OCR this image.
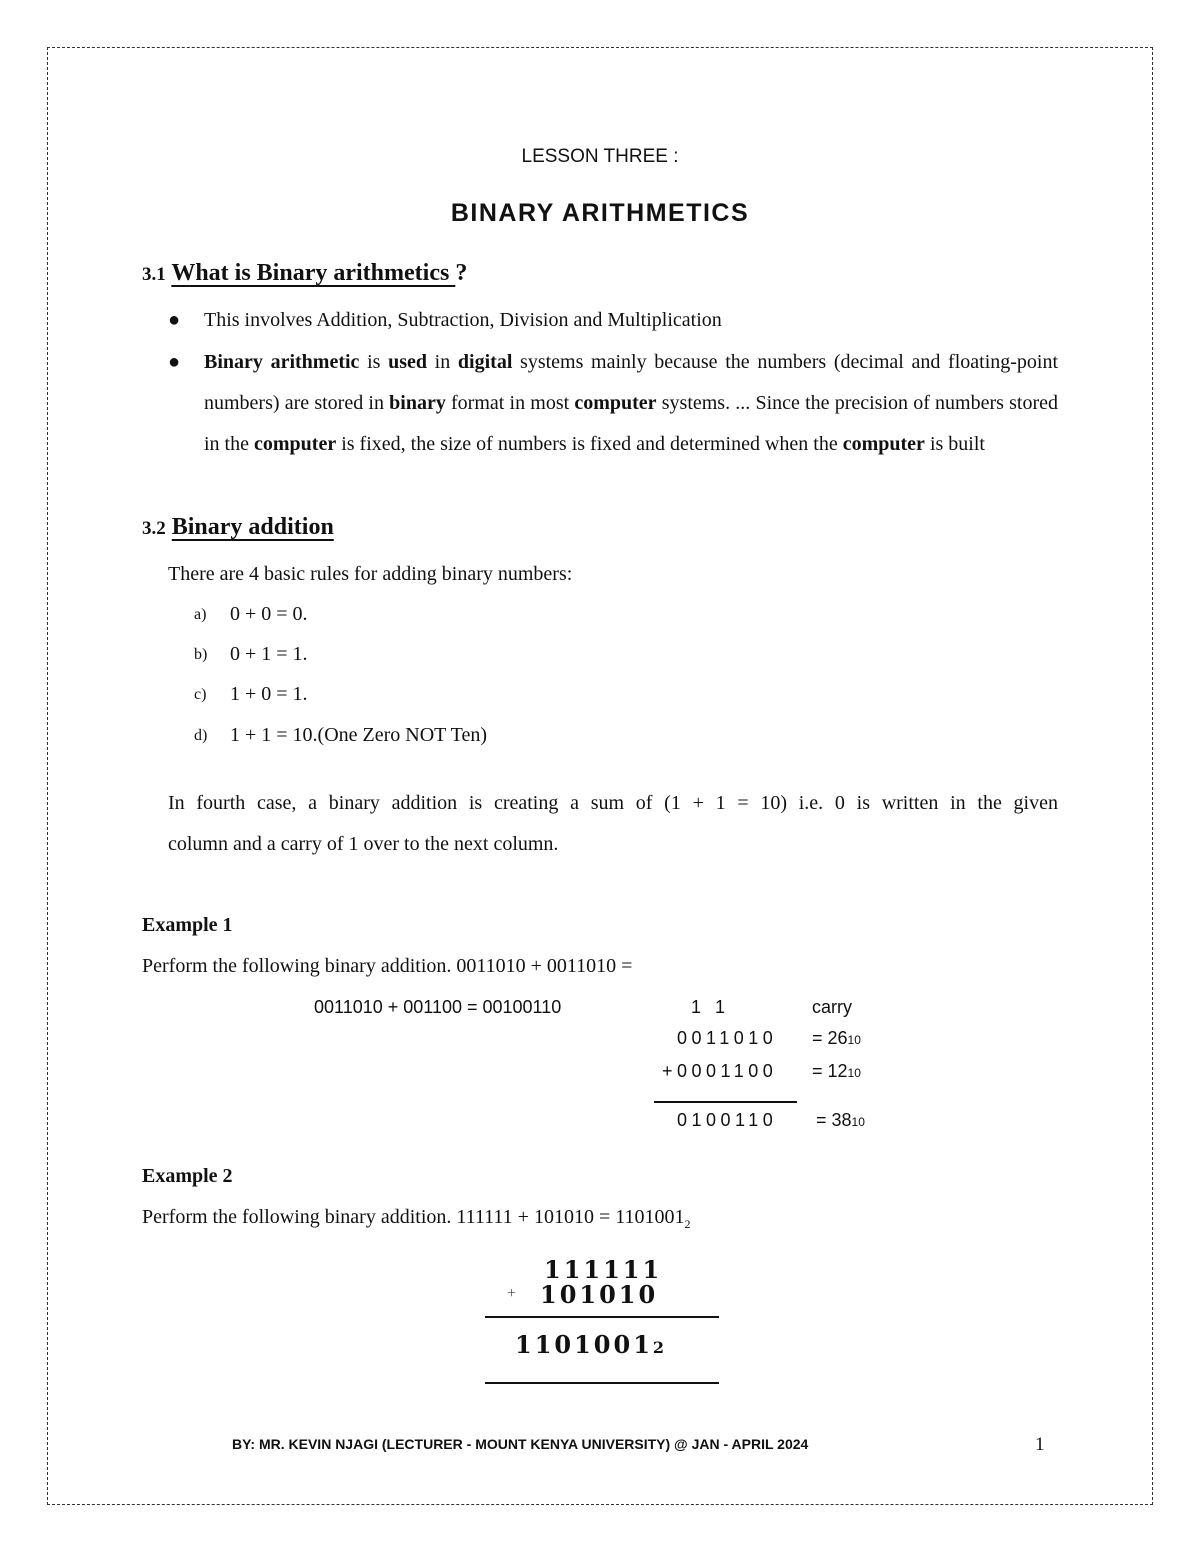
LESSON THREE :
BINARY ARITHMETICS
3.1 What is Binary arithmetics ?
● This involves Addition, Subtraction, Division and Multiplication
● Binary arithmetic is used in digital systems mainly because the numbers (decimal and floating-point numbers) are stored in binary format in most computer systems. ... Since the precision of numbers stored in the computer is fixed, the size of numbers is fixed and determined when the computer is built
3.2 Binary addition
There are 4 basic rules for adding binary numbers:
a) 0 + 0 = 0.
b) 0 + 1 = 1.
c) 1 + 0 = 1.
d) 1 + 1 = 10.(One Zero NOT Ten)
In fourth case, a binary addition is creating a sum of (1 + 1 = 10) i.e. 0 is written in the given
column and a carry of 1 over to the next column.
Example 1
Perform the following binary addition. 0011010 + 0011010 =
0011010 + 001100 = 00100110	1 1	carry
0011010 = 2610
+0001100 = 1210
0100110 = 3810
Example 2
Perform the following binary addition. $111111 + 101010 = 1101001_2$
111111
+ 101010
11010012
BY: MR. KEVIN NJAGI (LECTURER - MOUNT KENYA UNIVERSITY) @ JAN - APRIL 2024	1
